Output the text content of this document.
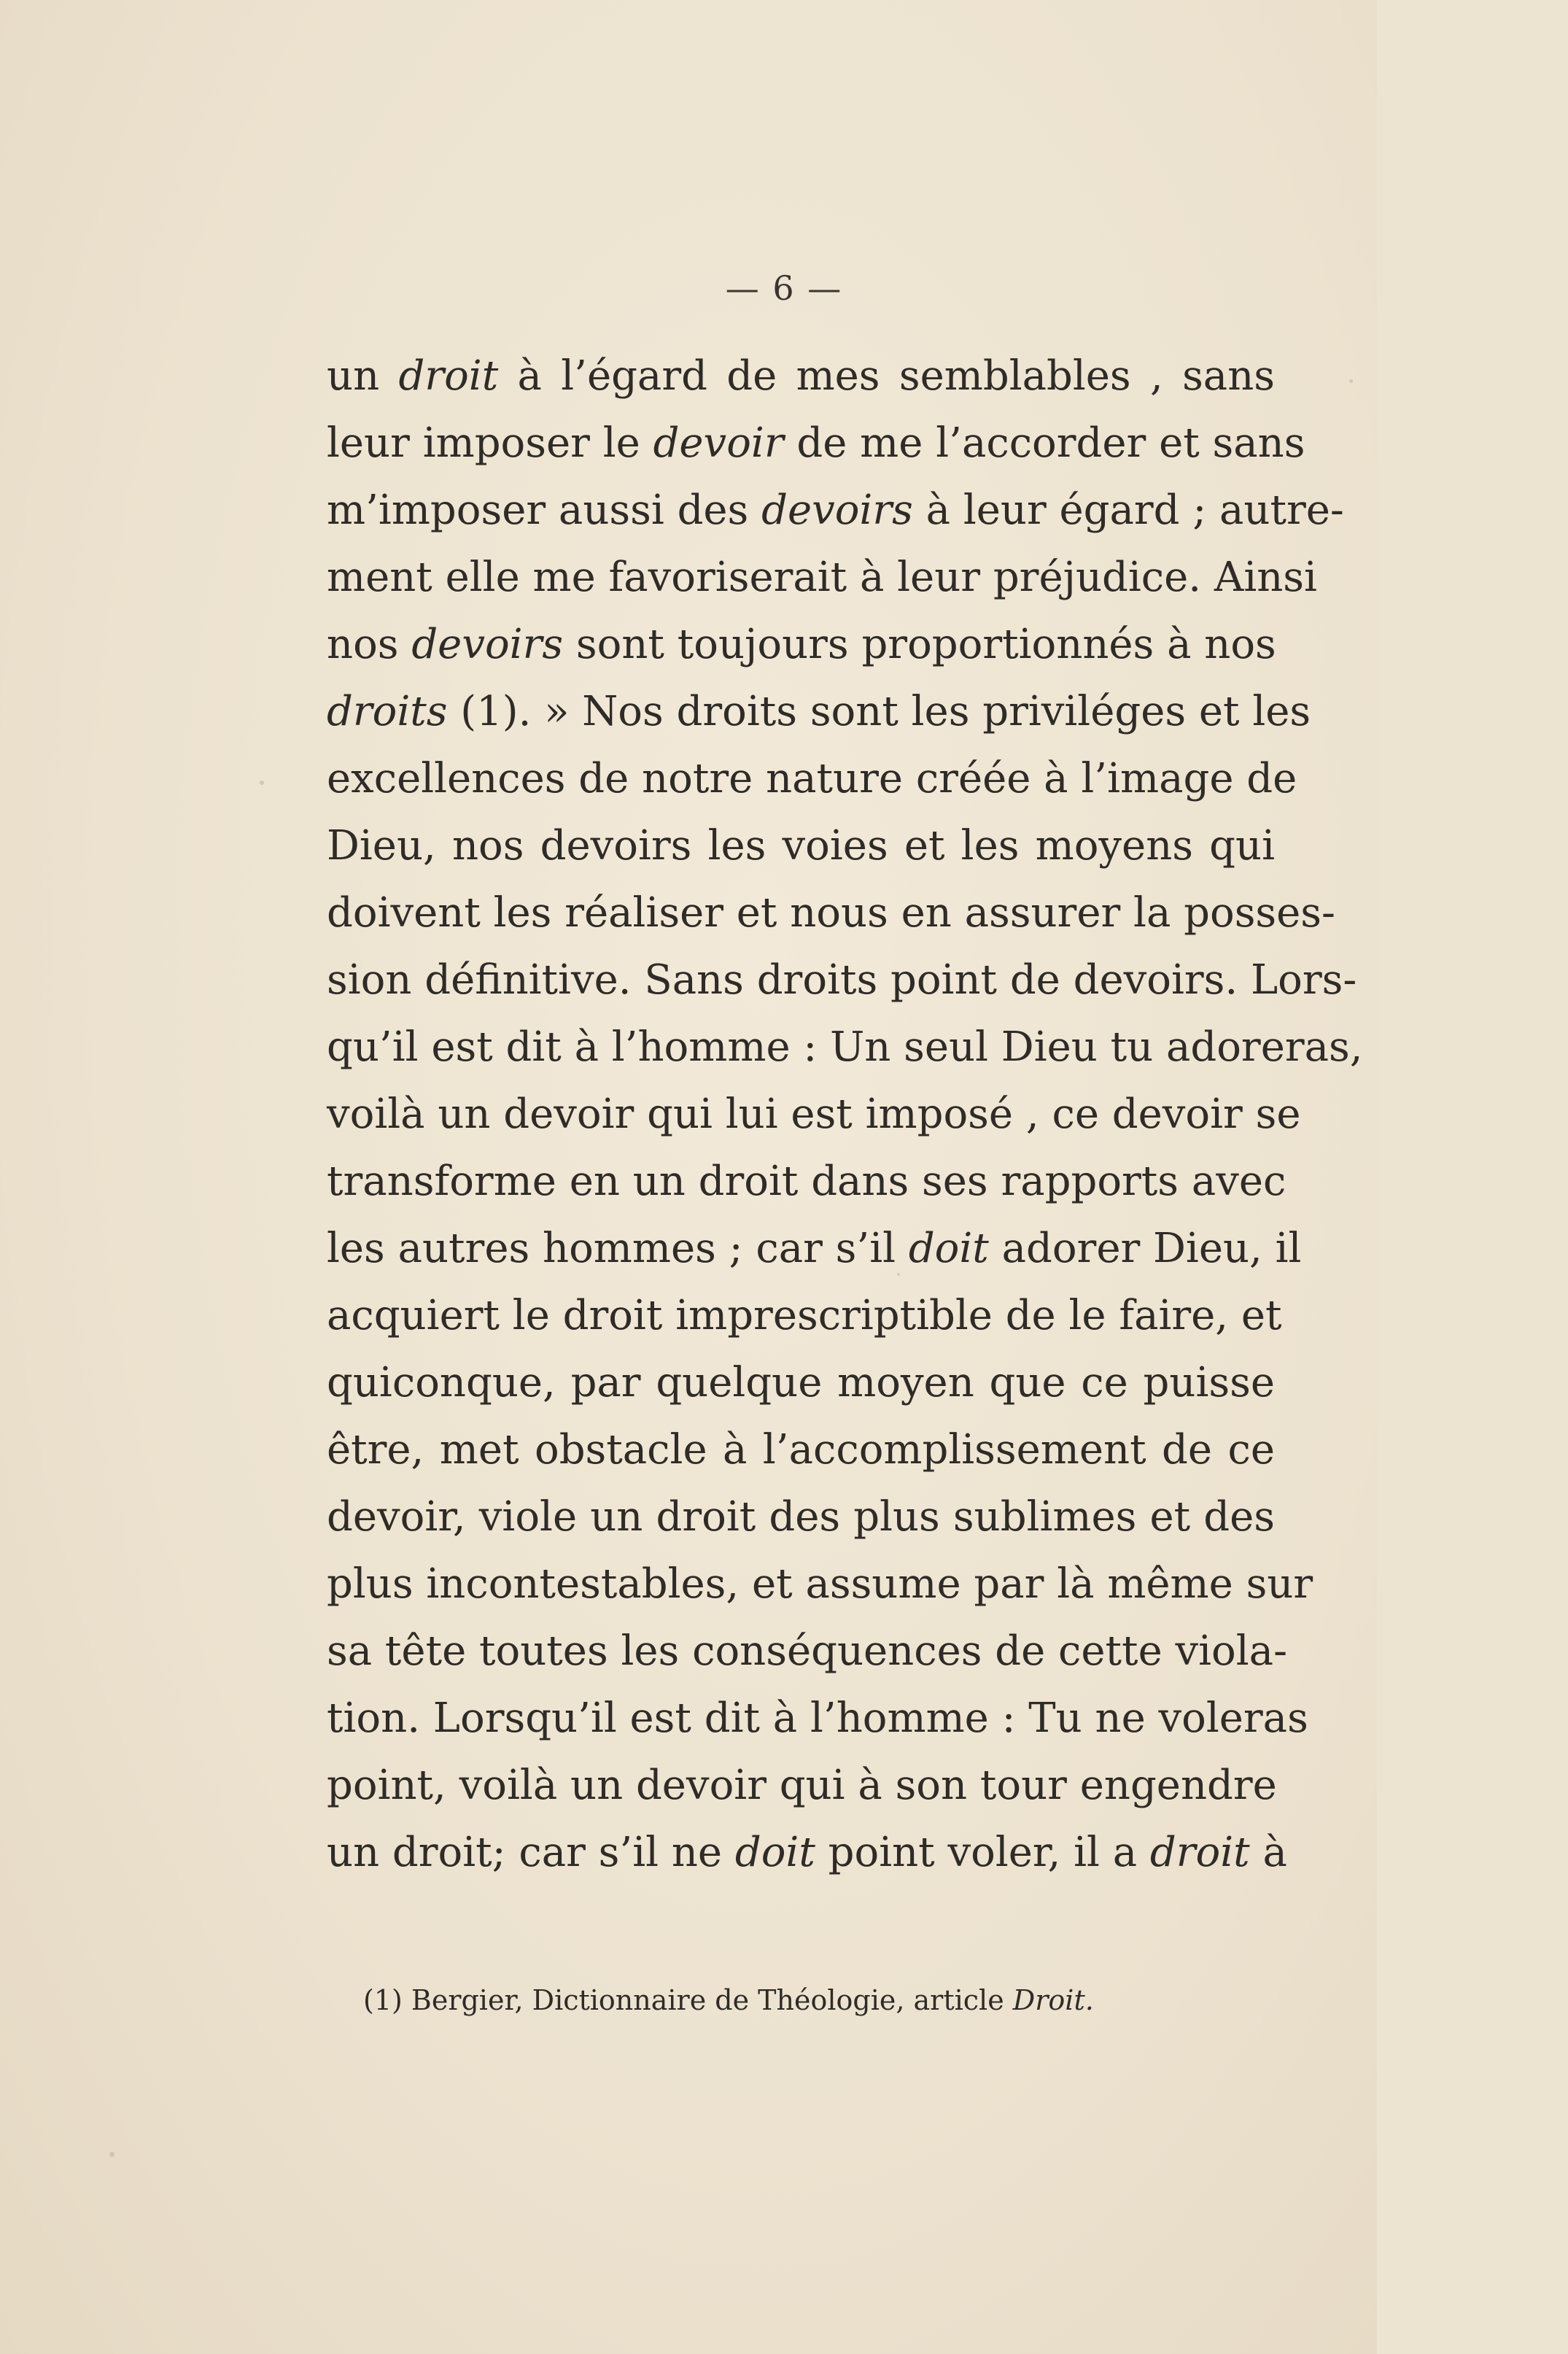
— 6 —
un droit à l’égard de mes semblables , sans
leur imposer le devoir de me l’accorder et sans
m’imposer aussi des devoirs à leur égard ; autre-
ment elle me favoriserait à leur préjudice. Ainsi
nos devoirs sont toujours proportionnés à nos
droits (1). » Nos droits sont les priviléges et les
excellences de notre nature créée à l’image de
Dieu, nos devoirs les voies et les moyens qui
doivent les réaliser et nous en assurer la posses-
sion définitive. Sans droits point de devoirs. Lors-
qu’il est dit à l’homme : Un seul Dieu tu adoreras,
voilà un devoir qui lui est imposé , ce devoir se
transforme en un droit dans ses rapports avec
les autres hommes ; car s’il doit adorer Dieu, il
acquiert le droit imprescriptible de le faire, et
quiconque, par quelque moyen que ce puisse
être, met obstacle à l’accomplissement de ce
devoir, viole un droit des plus sublimes et des
plus incontestables, et assume par là même sur
sa tête toutes les conséquences de cette viola-
tion. Lorsqu’il est dit à l’homme : Tu ne voleras
point, voilà un devoir qui à son tour engendre
un droit; car s’il ne doit point voler, il a droit à
(1) Bergier, Dictionnaire de Théologie, article Droit.
